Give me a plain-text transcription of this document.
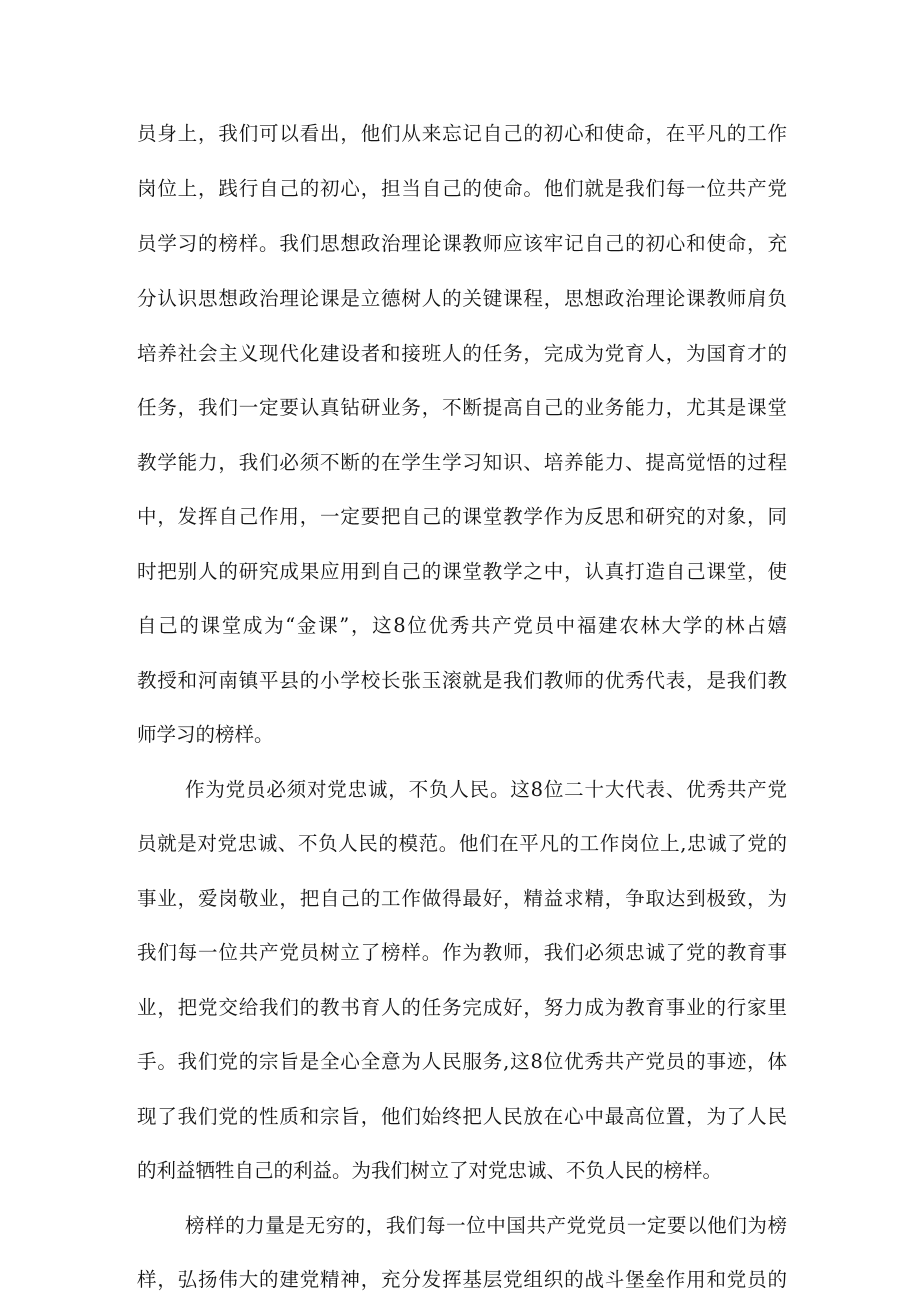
员身上，我们可以看出，他们从来忘记自己的初心和使命，在平凡的工作
岗位上，践行自己的初心，担当自己的使命。他们就是我们每一位共产党
员学习的榜样。我们思想政治理论课教师应该牢记自己的初心和使命，充
分认识思想政治理论课是立德树人的关键课程，思想政治理论课教师肩负
培养社会主义现代化建设者和接班人的任务，完成为党育人，为国育才的
任务，我们一定要认真钻研业务，不断提高自己的业务能力，尤其是课堂
教学能力，我们必须不断的在学生学习知识、培养能力、提高觉悟的过程
中，发挥自己作用，一定要把自己的课堂教学作为反思和研究的对象，同
时把别人的研究成果应用到自己的课堂教学之中，认真打造自己课堂，使
自己的课堂成为“金课”，这8位优秀共产党员中福建农林大学的林占嬉
教授和河南镇平县的小学校长张玉滚就是我们教师的优秀代表，是我们教
师学习的榜样。
作为党员必须对党忠诚，不负人民。这8位二十大代表、优秀共产党
员就是对党忠诚、不负人民的模范。他们在平凡的工作岗位上,忠诚了党的
事业，爱岗敬业，把自己的工作做得最好，精益求精，争取达到极致，为
我们每一位共产党员树立了榜样。作为教师，我们必须忠诚了党的教育事
业，把党交给我们的教书育人的任务完成好，努力成为教育事业的行家里
手。我们党的宗旨是全心全意为人民服务,这8位优秀共产党员的事迹，体
现了我们党的性质和宗旨，他们始终把人民放在心中最高位置，为了人民
的利益牺牲自己的利益。为我们树立了对党忠诚、不负人民的榜样。
榜样的力量是无穷的，我们每一位中国共产党党员一定要以他们为榜
样，弘扬伟大的建党精神，充分发挥基层党组织的战斗堡垒作用和党员的
